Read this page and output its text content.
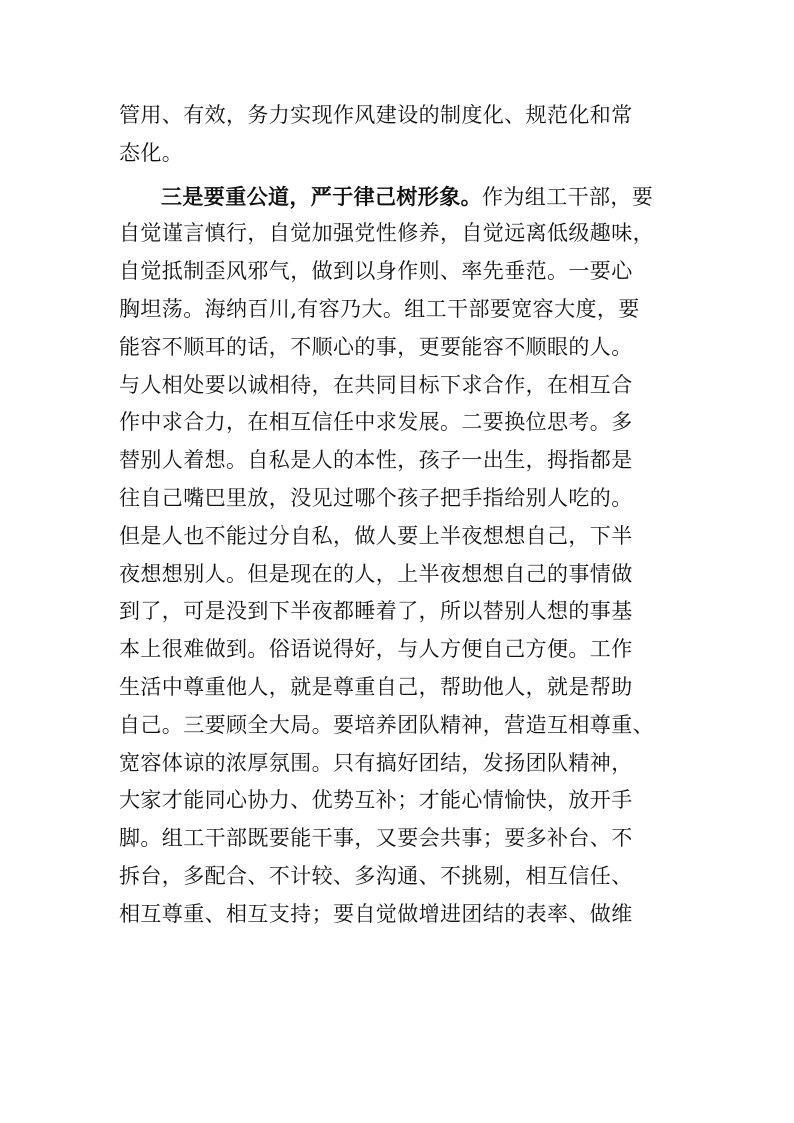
管用、有效，务力实现作风建设的制度化、规范化和常
态化。
三是要重公道，严于律己树形象。作为组工干部，要
自觉谨言慎行，自觉加强党性修养，自觉远离低级趣味，
自觉抵制歪风邪气，做到以身作则、率先垂范。一要心
胸坦荡。海纳百川,有容乃大。组工干部要宽容大度，要
能容不顺耳的话，不顺心的事，更要能容不顺眼的人。
与人相处要以诚相待，在共同目标下求合作，在相互合
作中求合力，在相互信任中求发展。二要换位思考。多
替别人着想。自私是人的本性，孩子一出生，拇指都是
往自己嘴巴里放，没见过哪个孩子把手指给别人吃的。
但是人也不能过分自私，做人要上半夜想想自己，下半
夜想想别人。但是现在的人，上半夜想想自己的事情做
到了，可是没到下半夜都睡着了，所以替别人想的事基
本上很难做到。俗语说得好，与人方便自己方便。工作
生活中尊重他人，就是尊重自己，帮助他人，就是帮助
自己。三要顾全大局。要培养团队精神，营造互相尊重、
宽容体谅的浓厚氛围。只有搞好团结，发扬团队精神，
大家才能同心协力、优势互补；才能心情愉快，放开手
脚。组工干部既要能干事，又要会共事；要多补台、不
拆台，多配合、不计较、多沟通、不挑剔，相互信任、
相互尊重、相互支持；要自觉做增进团结的表率、做维
